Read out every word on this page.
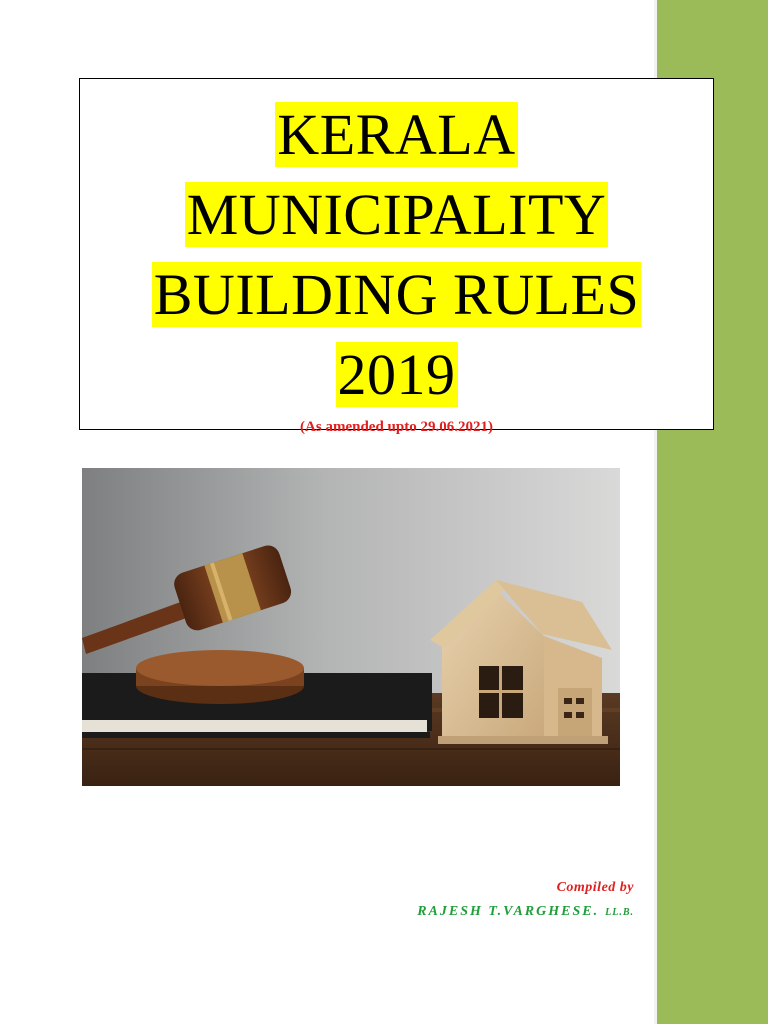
KERALA
MUNICIPALITY
BUILDING RULES
2019
(As amended upto 29.06.2021)
Compiled by
RAJESH T.VARGHESE. LL.B.
